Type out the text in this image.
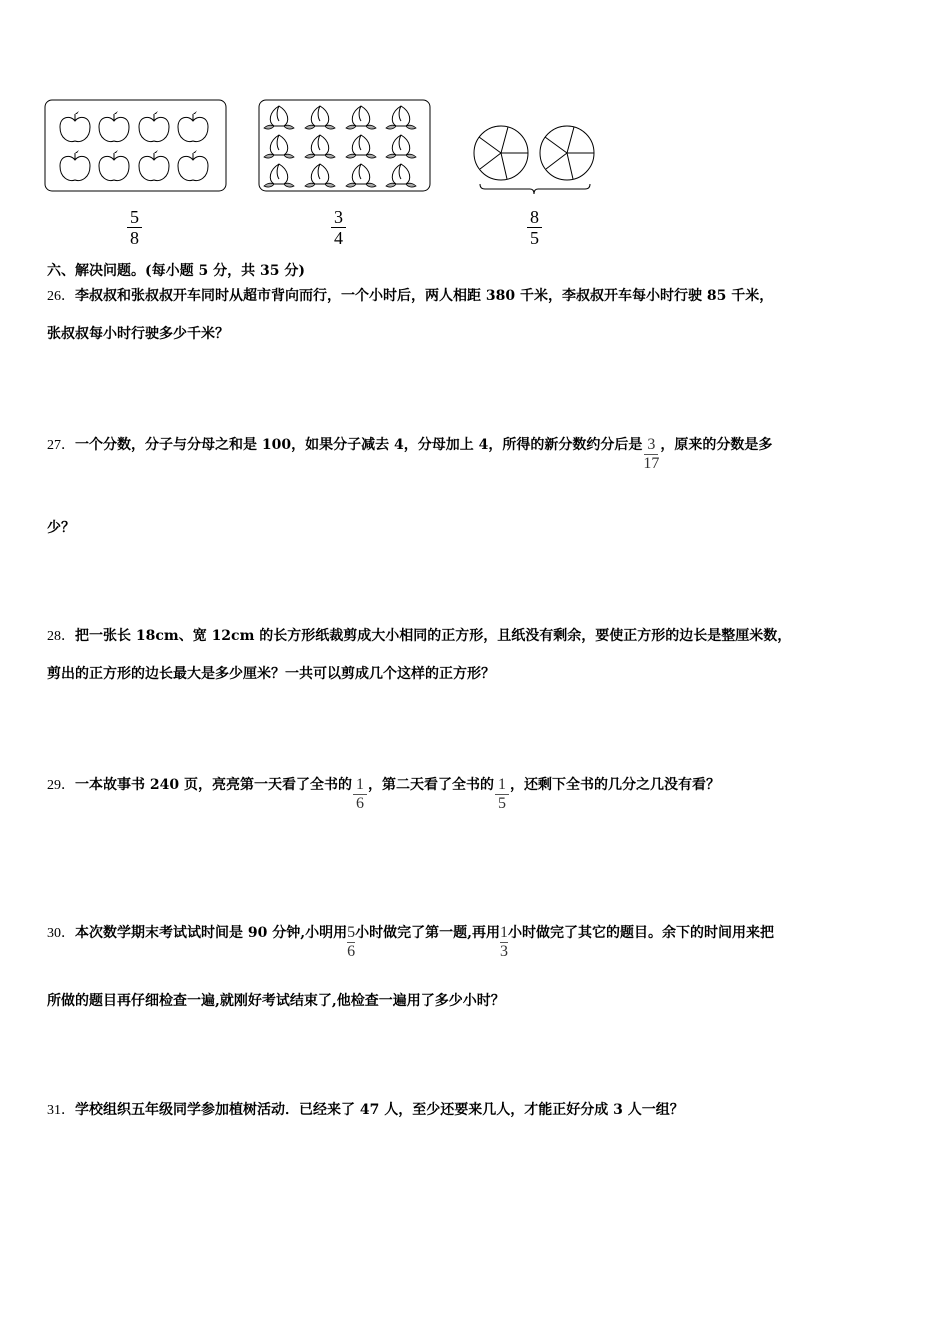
$\frac{5}{8}$	$\frac{3}{4}$	$\frac{8}{5}$
六、解决问题。(每小题 5 分，共 35 分)
26．李叔叔和张叔叔开车同时从超市背向而行，一个小时后，两人相距 380 千米，李叔叔开车每小时行驶 85 千米，
张叔叔每小时行驶多少千米？
27．一个分数，分子与分母之和是 100，如果分子减去 4，分母加上 4，所得的新分数约分后是 $\frac{3}{17}$ ，原来的分数是多
少？
28．把一张长 18cm、宽 12cm 的长方形纸裁剪成大小相同的正方形，且纸没有剩余，要使正方形的边长是整厘米数，
剪出的正方形的边长最大是多少厘米？一共可以剪成几个这样的正方形？
29．一本故事书 240 页，亮亮第一天看了全书的 $\frac{1}{6}$ ，第二天看了全书的 $\frac{1}{5}$ ，还剩下全书的几分之几没有看？
30．本次数学期末考试试时间是 90 分钟,小明用 $\frac{5}{6}$ 小时做完了第一题,再用 $\frac{1}{3}$ 小时做完了其它的题目。余下的时间用来把
所做的题目再仔细检查一遍,就刚好考试结束了,他检查一遍用了多少小时？
31．学校组织五年级同学参加植树活动．已经来了 47 人，至少还要来几人，才能正好分成 3 人一组？
